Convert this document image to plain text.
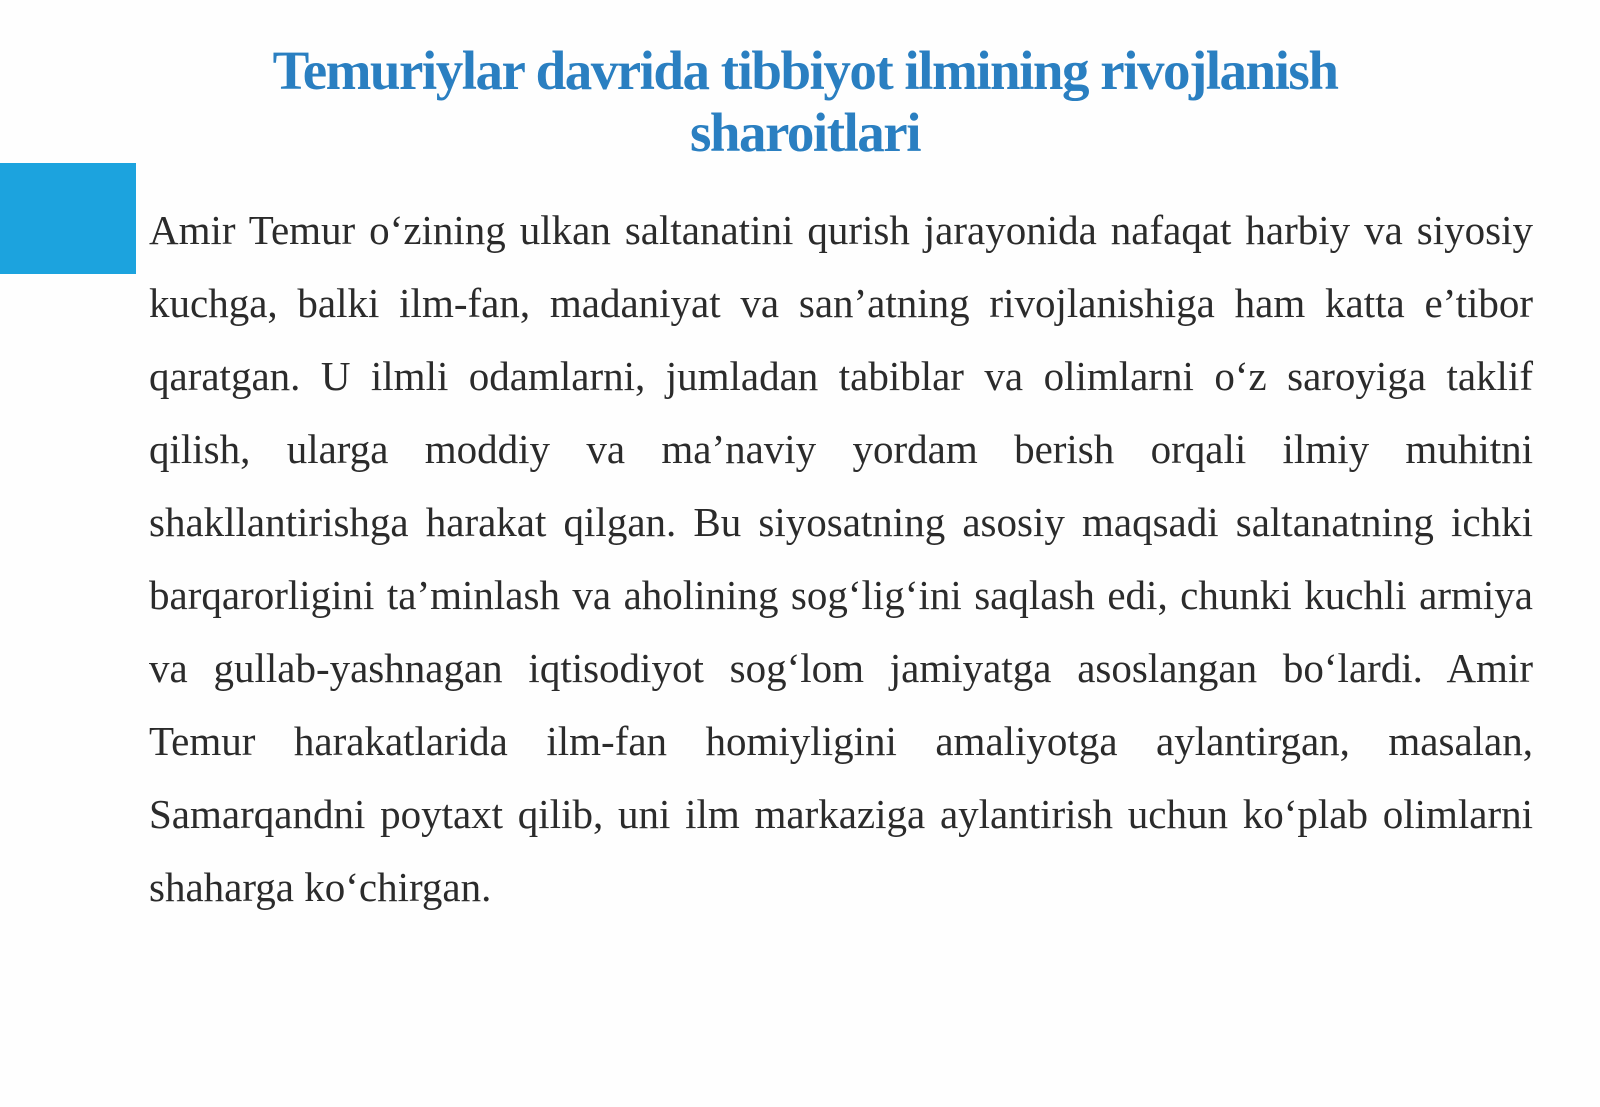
Temuriylar davrida tibbiyot ilmining rivojlanish sharoitlari

Amir Temur o‘zining ulkan saltanatini qurish jarayonida nafaqat harbiy va siyosiy kuchga, balki ilm-fan, madaniyat va san’atning rivojlanishiga ham katta e’tibor qaratgan. U ilmli odamlarni, jumladan tabiblar va olimlarni o‘z saroyiga taklif qilish, ularga moddiy va ma’naviy yordam berish orqali ilmiy muhitni shakllantirishga harakat qilgan. Bu siyosatning asosiy maqsadi saltanatning ichki barqarorligini ta’minlash va aholining sog‘lig‘ini saqlash edi, chunki kuchli armiya va gullab-yashnagan iqtisodiyot sog‘lom jamiyatga asoslangan bo‘lardi. Amir Temur harakatlarida ilm-fan homiyligini amaliyotga aylantirgan, masalan, Samarqandni poytaxt qilib, uni ilm markaziga aylantirish uchun ko‘plab olimlarni shaharga ko‘chirgan.
